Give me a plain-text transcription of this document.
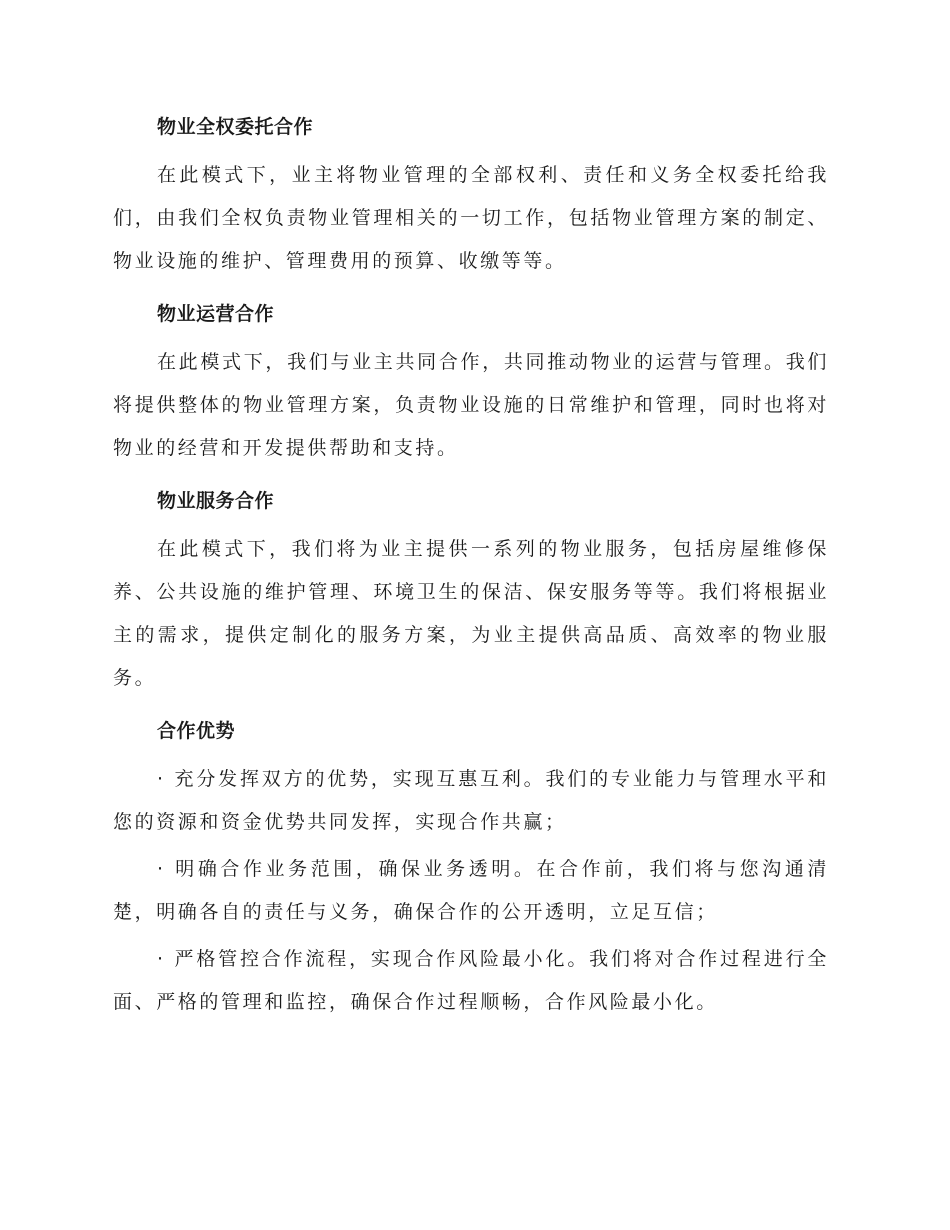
物业全权委托合作

在此模式下，业主将物业管理的全部权利、责任和义务全权委托给我们，由我们全权负责物业管理相关的一切工作，包括物业管理方案的制定、物业设施的维护、管理费用的预算、收缴等等。

物业运营合作

在此模式下，我们与业主共同合作，共同推动物业的运营与管理。我们将提供整体的物业管理方案，负责物业设施的日常维护和管理，同时也将对物业的经营和开发提供帮助和支持。

物业服务合作

在此模式下，我们将为业主提供一系列的物业服务，包括房屋维修保养、公共设施的维护管理、环境卫生的保洁、保安服务等等。我们将根据业主的需求，提供定制化的服务方案，为业主提供高品质、高效率的物业服务。

合作优势

· 充分发挥双方的优势，实现互惠互利。我们的专业能力与管理水平和您的资源和资金优势共同发挥，实现合作共赢；

· 明确合作业务范围，确保业务透明。在合作前，我们将与您沟通清楚，明确各自的责任与义务，确保合作的公开透明，立足互信；

· 严格管控合作流程，实现合作风险最小化。我们将对合作过程进行全面、严格的管理和监控，确保合作过程顺畅，合作风险最小化。
